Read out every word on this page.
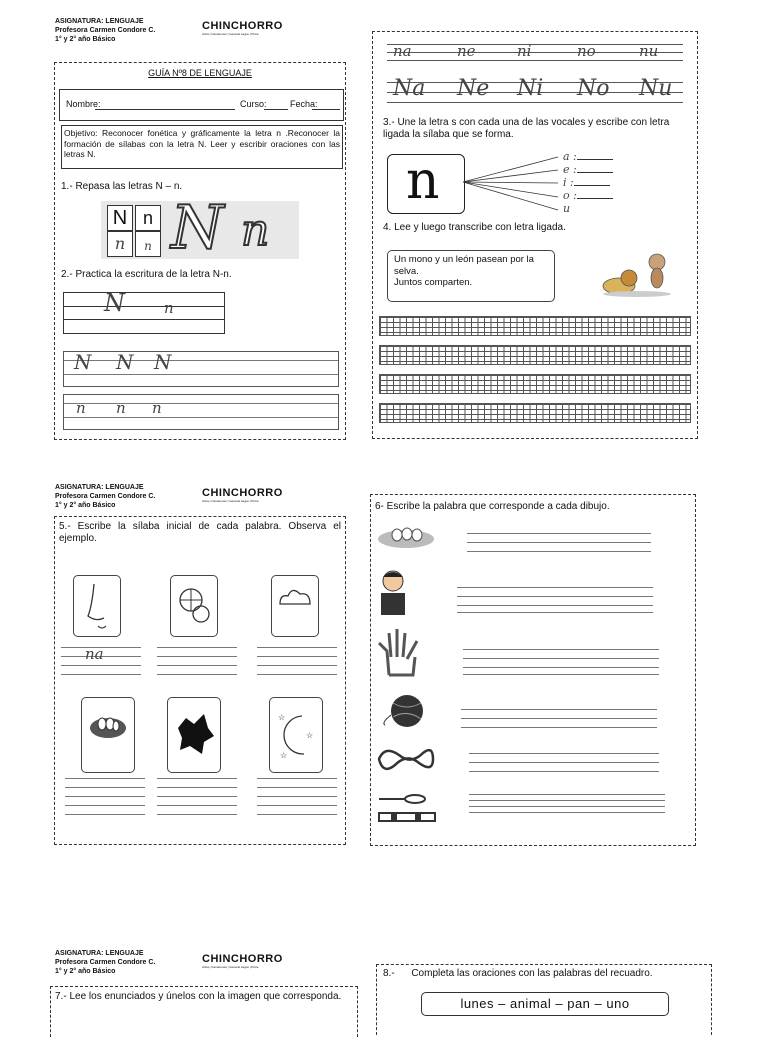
ASIGNATURA: LENGUAJE
Profesora Carmen Condore C.
1° y 2° año Básico
CHINCHORRO
Arica | Camarones | General Lagos | Putre
GUÍA Nº8 DE LENGUAJE
Nombre:	Curso:	Fecha:
Objetivo: Reconocer fonética y gráficamente la letra n .Reconocer la formación de sílabas con la letra N. Leer y escribir oraciones con las letras N.
1.- Repasa las letras N – n.
N n
n	n N n
2.- Practica la escritura de la letra N-n.
N	n
N N N
n n n
na	ne	ni	no	nu
Na Ne Ni No Nu
3.- Une la letra s con cada una de las vocales y escribe con letra ligada la sílaba que se forma.
n	a :
e :
i :
o :
u
4. Lee y luego transcribe con letra ligada.
Un mono y un león pasean por la selva.
Juntos comparten.
ASIGNATURA: LENGUAJE
Profesora Carmen Condore C.
1° y 2° año Básico
CHINCHORRO
Arica | Camarones | General Lagos | Putre
5.- Escribe la sílaba inicial de cada palabra. Observa el ejemplo.
na
☆
☆
☆
6- Escribe la palabra que corresponde a cada dibujo.
ASIGNATURA: LENGUAJE
Profesora Carmen Condore C.
1° y 2° año Básico
CHINCHORRO
Arica | Camarones | General Lagos | Putre
7.- Lee los enunciados y únelos con la imagen que corresponda.
8.-      Completa las oraciones con las palabras del recuadro.
lunes – animal – pan – uno
